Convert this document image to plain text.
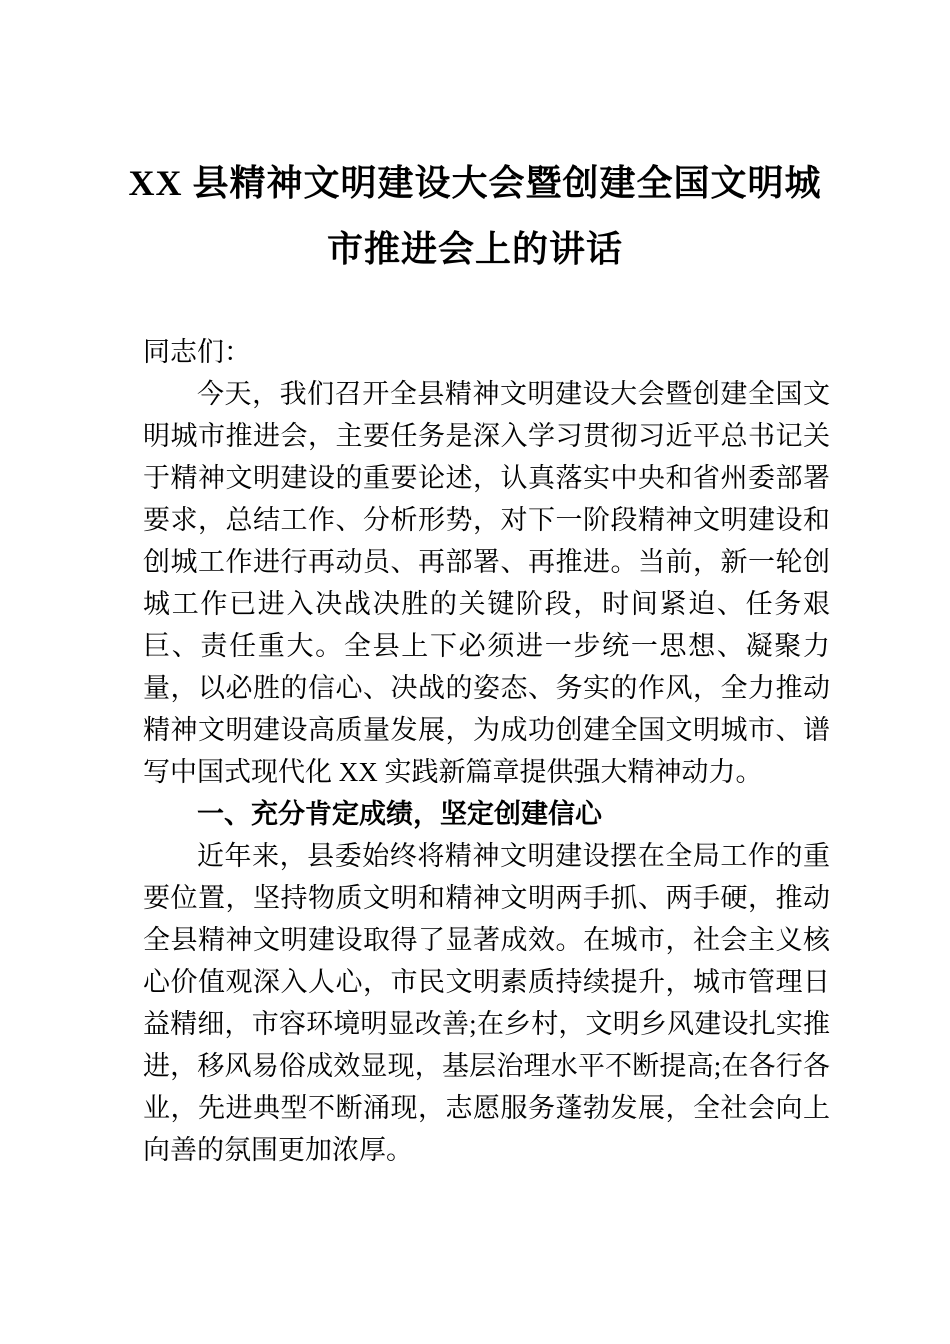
XX 县精神文明建设大会暨创建全国文明城
市推进会上的讲话

同志们：

今天，我们召开全县精神文明建设大会暨创建全国文明城市推进会，主要任务是深入学习贯彻习近平总书记关于精神文明建设的重要论述，认真落实中央和省州委部署要求，总结工作、分析形势，对下一阶段精神文明建设和创城工作进行再动员、再部署、再推进。当前，新一轮创城工作已进入决战决胜的关键阶段，时间紧迫、任务艰巨、责任重大。全县上下必须进一步统一思想、凝聚力量，以必胜的信心、决战的姿态、务实的作风，全力推动精神文明建设高质量发展，为成功创建全国文明城市、谱写中国式现代化 XX 实践新篇章提供强大精神动力。

一、充分肯定成绩，坚定创建信心

近年来，县委始终将精神文明建设摆在全局工作的重要位置，坚持物质文明和精神文明两手抓、两手硬，推动全县精神文明建设取得了显著成效。在城市，社会主义核心价值观深入人心，市民文明素质持续提升，城市管理日益精细，市容环境明显改善;在乡村，文明乡风建设扎实推进，移风易俗成效显现，基层治理水平不断提高;在各行各业，先进典型不断涌现，志愿服务蓬勃发展，全社会向上向善的氛围更加浓厚。
